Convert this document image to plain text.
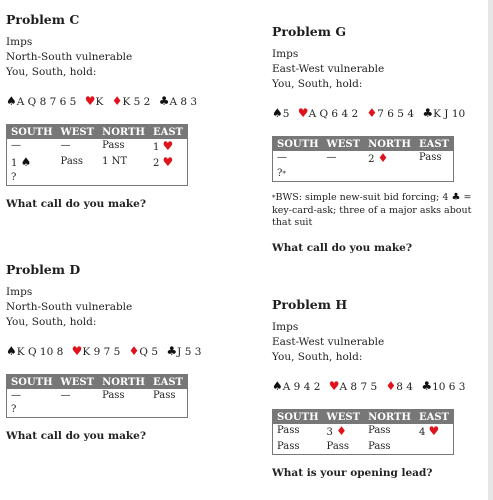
Problem C
Imps
North-South vulnerable
You, South, hold:
♠A Q 8 7 6 5 ♥K ♦K 5 2 ♣A 8 3
SOUTH	WEST	NORTH	EAST
—	—	Pass	1 ♥
1 ♠	Pass	1 NT	2 ♥
?			
What call do you make?
Problem D
Imps
North-South vulnerable
You, South, hold:
♠K Q 10 8 ♥K 9 7 5 ♦Q 5 ♣J 5 3
SOUTH	WEST	NORTH	EAST
—	—	Pass	Pass
?			
What call do you make?
Problem G
Imps
East-West vulnerable
You, South, hold:
♠5 ♥A Q 6 4 2 ♦7 6 5 4 ♣K J 10
SOUTH	WEST	NORTH	EAST
—	—	2 ♦	Pass
?*			
*BWS: simple new-suit bid forcing; 4 ♣ = key-card-ask; three of a major asks about that suit
What call do you make?
Problem H
Imps
East-West vulnerable
You, South, hold:
♠A 9 4 2 ♥A 8 7 5 ♦8 4 ♣10 6 3
SOUTH	WEST	NORTH	EAST
Pass	3 ♦	Pass	4 ♥
Pass	Pass	Pass	
What is your opening lead?
